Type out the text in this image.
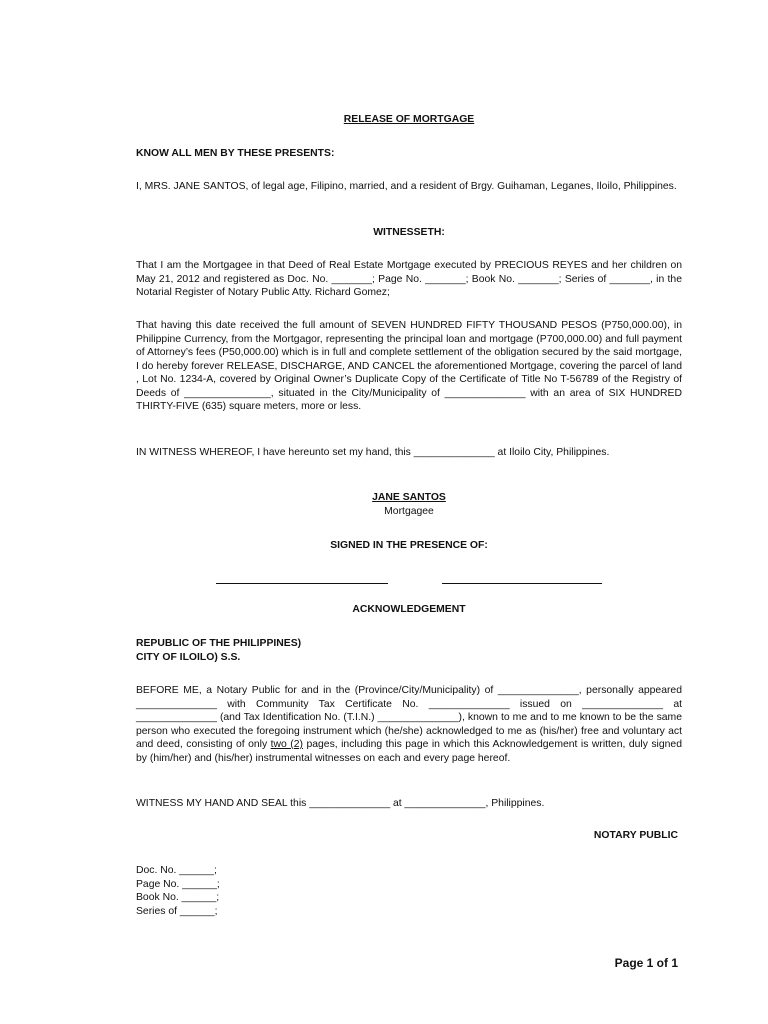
RELEASE OF MORTGAGE
KNOW ALL MEN BY THESE PRESENTS:
I, MRS. JANE SANTOS, of legal age, Filipino, married, and a resident of Brgy. Guihaman, Leganes, Iloilo, Philippines.
WITNESSETH:
That I am the Mortgagee in that Deed of Real Estate Mortgage executed by PRECIOUS REYES and her children on May 21, 2012 and registered as Doc. No. _______; Page No. _______; Book No. _______; Series of _______, in the Notarial Register of Notary Public Atty. Richard Gomez;
That having this date received the full amount of SEVEN HUNDRED FIFTY THOUSAND PESOS (P750,000.00), in Philippine Currency, from the Mortgagor, representing the principal loan and mortgage (P700,000.00) and full payment of Attorney’s fees (P50,000.00) which is in full and complete settlement of the obligation secured by the said mortgage, I do hereby forever RELEASE, DISCHARGE, AND CANCEL the aforementioned Mortgage, covering the parcel of land , Lot No. 1234-A, covered by Original Owner’s Duplicate Copy of the Certificate of Title No T-56789 of the Registry of Deeds of _______________, situated in the City/Municipality of ______________ with an area of SIX HUNDRED THIRTY-FIVE (635) square meters, more or less.
IN WITNESS WHEREOF, I have hereunto set my hand, this ______________ at Iloilo City, Philippines.
JANE SANTOS
Mortgagee
SIGNED IN THE PRESENCE OF:
ACKNOWLEDGEMENT
REPUBLIC OF THE PHILIPPINES)
CITY OF ILOILO) S.S.
BEFORE ME, a Notary Public for and in the (Province/City/Municipality) of ______________, personally appeared ______________ with Community Tax Certificate No. ______________ issued on ______________ at ______________ (and Tax Identification No. (T.I.N.) ______________), known to me and to me known to be the same person who executed the foregoing instrument which (he/she) acknowledged to me as (his/her) free and voluntary act and deed, consisting of only two (2) pages, including this page in which this Acknowledgement is written, duly signed by (him/her) and (his/her) instrumental witnesses on each and every page hereof.
WITNESS MY HAND AND SEAL this ______________ at ______________, Philippines.
NOTARY PUBLIC
Doc. No. ______;
Page No. ______;
Book No. ______;
Series of ______;
Page 1 of 1
